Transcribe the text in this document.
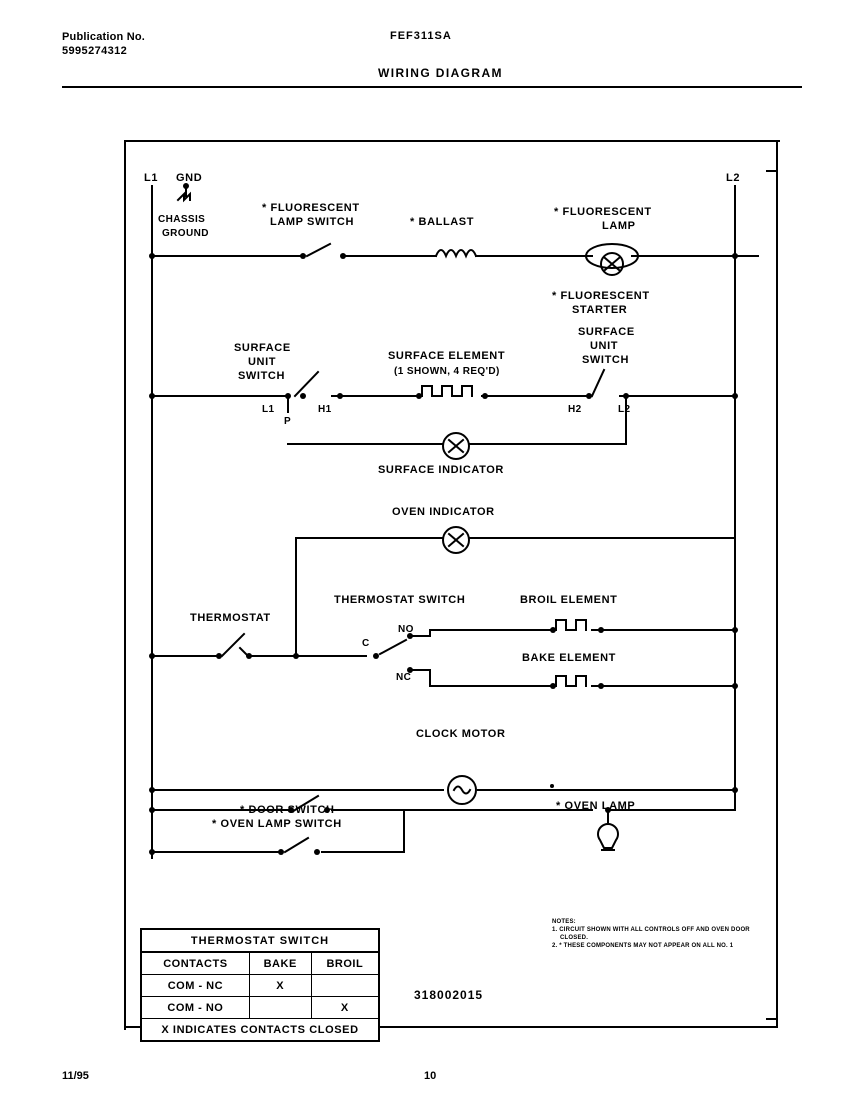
Publication No.
5995274312
FEF311SA
WIRING DIAGRAM
L1 GND
CHASSIS
GROUND
L2
* FLUORESCENT
LAMP SWITCH	* BALLAST
* FLUORESCENT
LAMP
* FLUORESCENT
STARTER
SURFACE
UNIT
SWITCH
SURFACE ELEMENT
(1 SHOWN, 4 REQ'D)
SURFACE
UNIT
SWITCH
L1
P
H1	H2	L2
SURFACE INDICATOR
OVEN INDICATOR
THERMOSTAT
THERMOSTAT SWITCH	BROIL ELEMENT
BAKE ELEMENT
C
NO
NC
CLOCK MOTOR
* DOOR SWITCH
* OVEN LAMP SWITCH
* OVEN LAMP
THERMOSTAT SWITCH		
CONTACTS	BAKE	BROIL
COM - NC	X	
COM - NO		X
X INDICATES CONTACTS CLOSED		
318002015
NOTES:
1. CIRCUIT SHOWN WITH ALL CONTROLS OFF AND OVEN DOOR CLOSED.
2. * THESE COMPONENTS MAY NOT APPEAR ON ALL NO. 1
11/95	10
